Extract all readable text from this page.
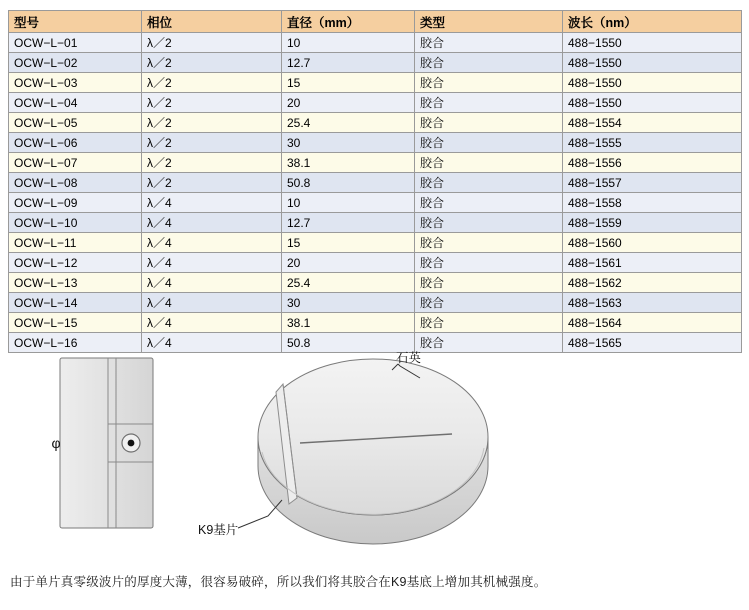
型号	相位	直径（mm）	类型	波长（nm）
OCW−L−01	λ／2	10	胶合	488−1550
OCW−L−02	λ／2	12.7	胶合	488−1550
OCW−L−03	λ／2	15	胶合	488−1550
OCW−L−04	λ／2	20	胶合	488−1550
OCW−L−05	λ／2	25.4	胶合	488−1554
OCW−L−06	λ／2	30	胶合	488−1555
OCW−L−07	λ／2	38.1	胶合	488−1556
OCW−L−08	λ／2	50.8	胶合	488−1557
OCW−L−09	λ／4	10	胶合	488−1558
OCW−L−10	λ／4	12.7	胶合	488−1559
OCW−L−11	λ／4	15	胶合	488−1560
OCW−L−12	λ／4	20	胶合	488−1561
OCW−L−13	λ／4	25.4	胶合	488−1562
OCW−L−14	λ／4	30	胶合	488−1563
OCW−L−15	λ／4	38.1	胶合	488−1564
OCW−L−16	λ／4	50.8	胶合	488−1565
φ
石英
K9基片
由于单片真零级波片的厚度大薄，很容易破碎，所以我们将其胶合在K9基底上增加其机械强度。
